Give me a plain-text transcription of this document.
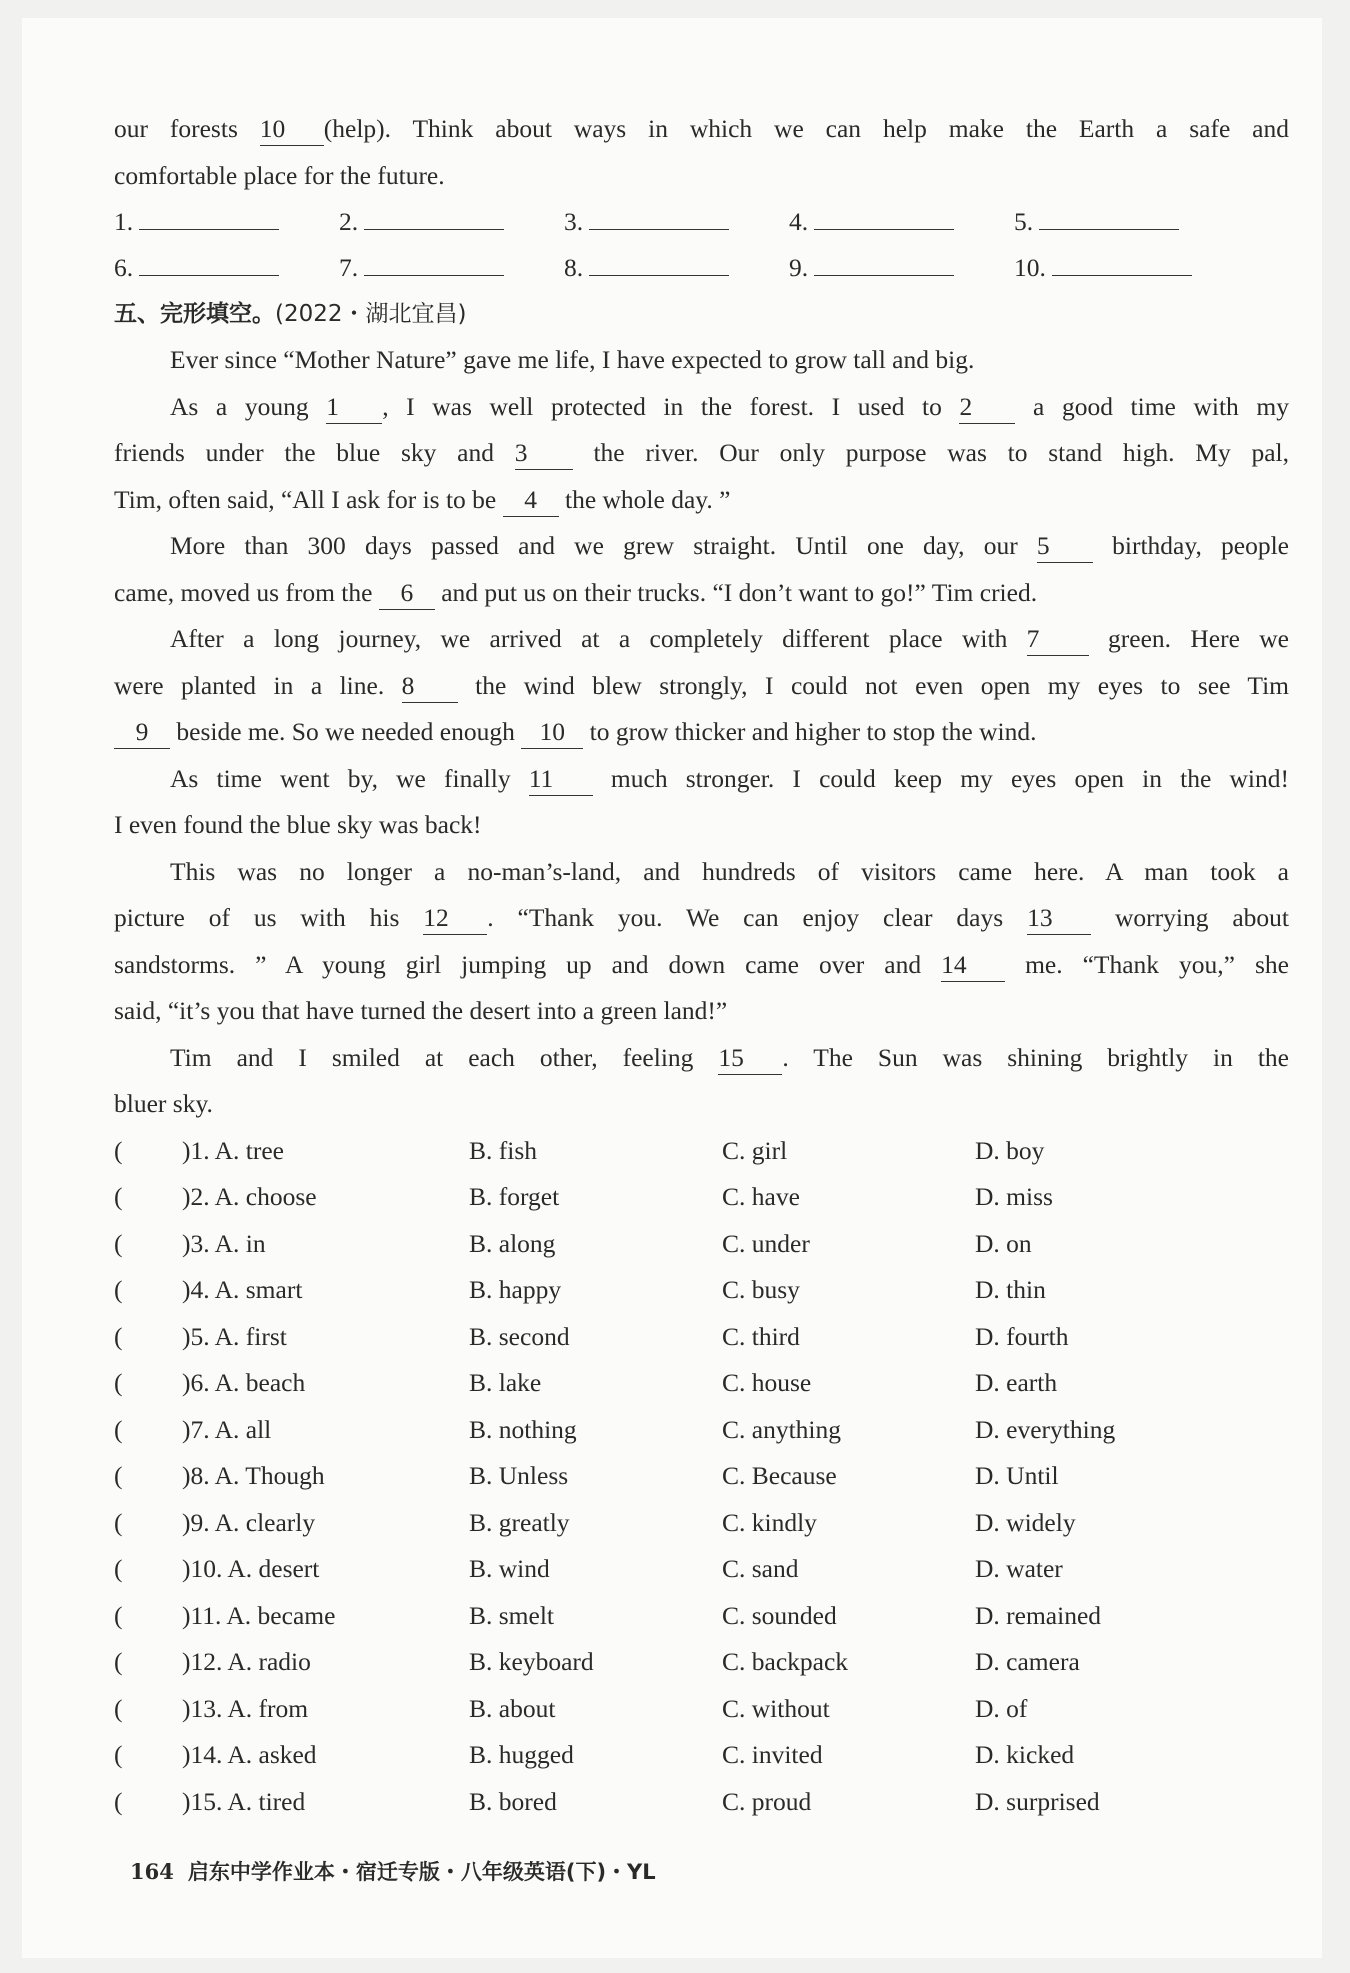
our forests 10 (help). Think about ways in which we can help make the Earth a safe and
comfortable place for the future.
1.	2.	3.	4.	5.
6.	7.	8.	9.	10.
五、完形填空。(2022・湖北宜昌)
Ever since “Mother Nature” gave me life, I have expected to grow tall and big.
As a young 1 , I was well protected in the forest. I used to 2 a good time with my
friends under the blue sky and 3 the river. Our only purpose was to stand high. My pal,
Tim, often said, “All I ask for is to be 4 the whole day. ”
More than 300 days passed and we grew straight. Until one day, our 5 birthday, people
came, moved us from the 6 and put us on their trucks. “I don’t want to go!” Tim cried.
After a long journey, we arrived at a completely different place with 7 green. Here we
were planted in a line. 8 the wind blew strongly, I could not even open my eyes to see Tim
9 beside me. So we needed enough 10 to grow thicker and higher to stop the wind.
As time went by, we finally 11 much stronger. I could keep my eyes open in the wind!
I even found the blue sky was back!
This was no longer a no-man’s-land, and hundreds of visitors came here. A man took a
picture of us with his 12 . “Thank you. We can enjoy clear days 13 worrying about
sandstorms. ” A young girl jumping up and down came over and 14 me. “Thank you,” she
said, “it’s you that have turned the desert into a green land!”
Tim and I smiled at each other, feeling 15 . The Sun was shining brightly in the
bluer sky.
(	)1. A. tree	B. fish	C. girl	D. boy
(	)2. A. choose	B. forget	C. have	D. miss
(	)3. A. in	B. along	C. under	D. on
(	)4. A. smart	B. happy	C. busy	D. thin
(	)5. A. first	B. second	C. third	D. fourth
(	)6. A. beach	B. lake	C. house	D. earth
(	)7. A. all	B. nothing	C. anything	D. everything
(	)8. A. Though	B. Unless	C. Because	D. Until
(	)9. A. clearly	B. greatly	C. kindly	D. widely
(	)10. A. desert	B. wind	C. sand	D. water
(	)11. A. became	B. smelt	C. sounded	D. remained
(	)12. A. radio	B. keyboard	C. backpack	D. camera
(	)13. A. from	B. about	C. without	D. of
(	)14. A. asked	B. hugged	C. invited	D. kicked
(	)15. A. tired	B. bored	C. proud	D. surprised
164 启东中学作业本・宿迁专版・八年级英语(下)・YL
